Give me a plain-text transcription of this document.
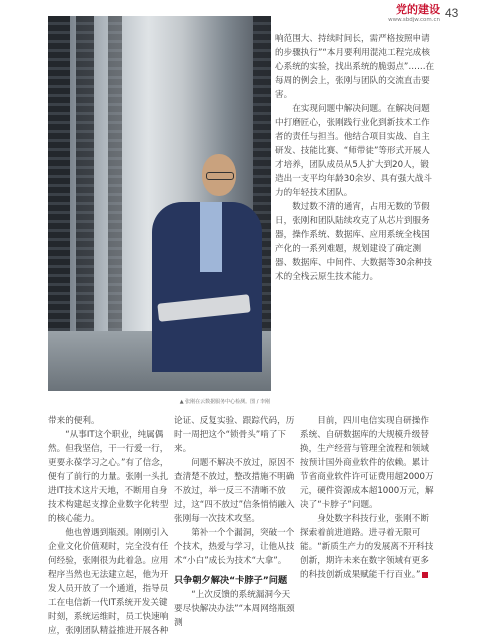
党的建设
www.sbdjw.com.cn 43
▲ 张刚在云数据服务中心检测。图 / 李刚

带来的便利。

“从事IT这个职业，纯属偶然。但我坚信，干一行爱一行，更要永葆学习之心。”有了信念，便有了前行的力量。张刚一头扎进IT技术这片天地，不断用自身技术构建起支撑企业数字化转型的核心能力。

他也曾遇到瓶颈。刚刚引入企业文化价值观时，完全没有任何经验，张刚很为此着急。应用程序当然也无法建立起，他为开发人员开放了一个通道，指导员工在电信新一代IT系统开发关键时刻，系统运维时，员工快速响应，张刚团队精益推进开展各种

论证、反复实验、跟踪代码，历时一周把这个“锁骨头”啃了下来。

问题不解决不放过，原因不查清楚不放过，整改措施不明确不放过，举一反三不清晰不放过，这“四不放过”信条悄悄融入张刚每一次技术攻坚。

第补一个个漏洞，突破一个个技术，热爱与学习，让他从技术“小白”成长为技术“大拿”。

只争朝夕解决“卡脖子”问题

“上次反馈的系统漏洞今天要尽快解决办法”“本周网络瓶颈测

响范围大、持续时间长，需严格按照申请的步骤执行”“本月要利用混沌工程完成核心系统的实验，找出系统的脆弱点”……在每周的例会上，张刚与团队的交流直击要害。

在实现问题中解决问题。在解决问题中打磨匠心，张刚践行业化到新技术工作者的责任与担当。他结合项目实战、自主研发、技能比赛、“师带徒”等形式开展人才培养，团队成员从5人扩大到20人，锻造出一支平均年龄30余岁、具有强大战斗力的年轻技术团队。

数过数不清的通宵，占用无数的节假日，张刚和团队陆续攻克了从芯片到服务器，操作系统、数据库、应用系统全栈国产化的一系列难题，规划建设了确定测器、数据库、中间件、大数据等30余种技术的全栈云原生技术能力。

目前，四川电信实现自研操作系统、自研数据库的大规模升级替换，生产经营与管理全流程和领域按预计国外商业软件的依赖。累计节省商业软件许可证费用超2000万元，硬件资源成本超1000万元，解决了“卡脖子”问题。

身处数字科技行业，张刚不断探索着前进道路。进寻着无限可能。“新质生产力的发展离不开科技创新，期许未来在数字领域有更多的科技创新成果赋能千行百业。”
